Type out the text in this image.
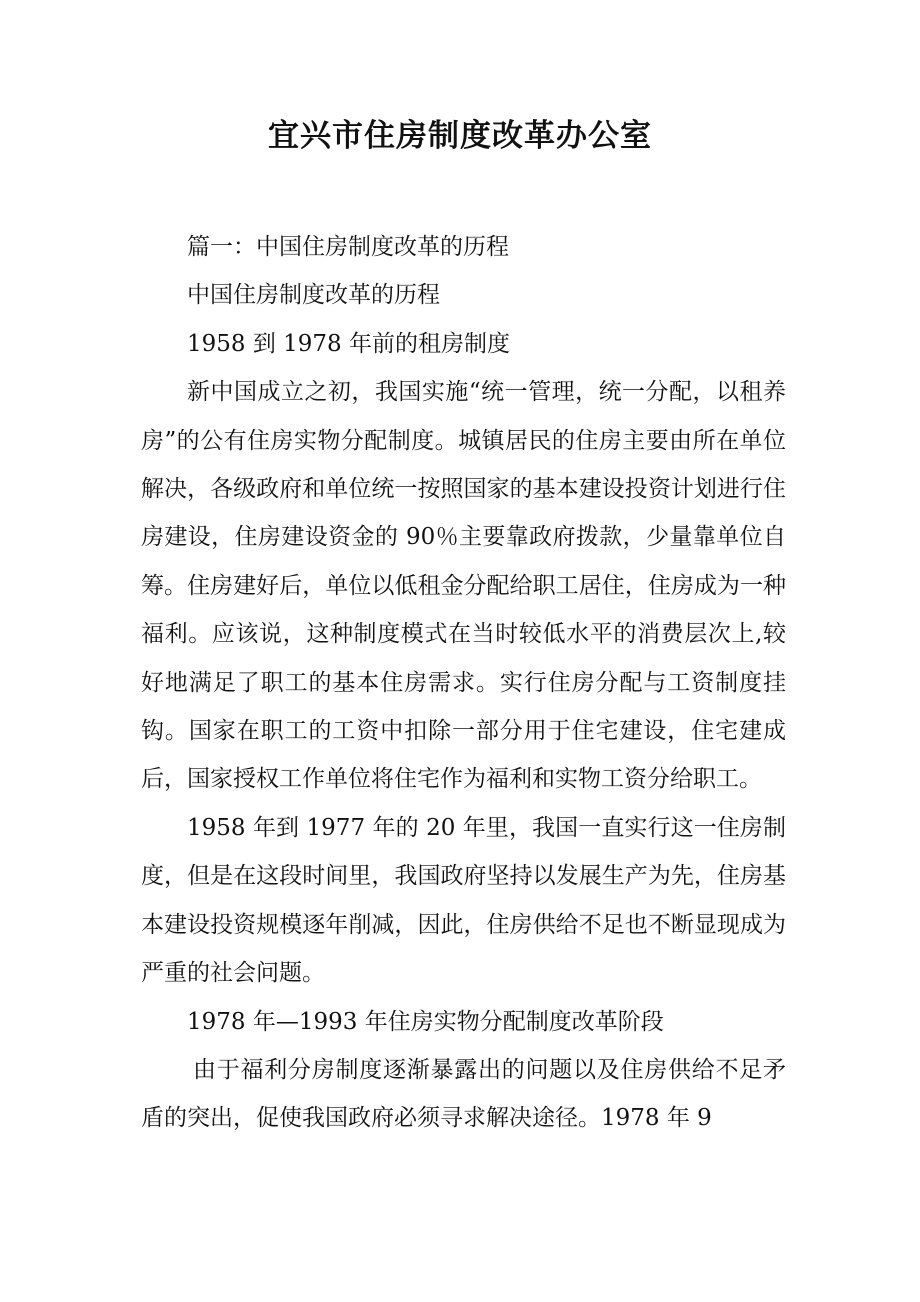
宜兴市住房制度改革办公室

篇一：中国住房制度改革的历程

中国住房制度改革的历程

1958 到 1978 年前的租房制度

新中国成立之初，我国实施“统一管理，统一分配，以租养房”的公有住房实物分配制度。城镇居民的住房主要由所在单位解决，各级政府和单位统一按照国家的基本建设投资计划进行住房建设，住房建设资金的 90％主要靠政府拨款，少量靠单位自筹。住房建好后，单位以低租金分配给职工居住，住房成为一种福利。应该说，这种制度模式在当时较低水平的消费层次上,较好地满足了职工的基本住房需求。实行住房分配与工资制度挂钩。国家在职工的工资中扣除一部分用于住宅建设，住宅建成后，国家授权工作单位将住宅作为福利和实物工资分给职工。

1958 年到 1977 年的 20 年里，我国一直实行这一住房制度，但是在这段时间里，我国政府坚持以发展生产为先，住房基本建设投资规模逐年削减，因此，住房供给不足也不断显现成为严重的社会问题。

1978 年—1993 年住房实物分配制度改革阶段

由于福利分房制度逐渐暴露出的问题以及住房供给不足矛盾的突出，促使我国政府必须寻求解决途径。1978 年 9
